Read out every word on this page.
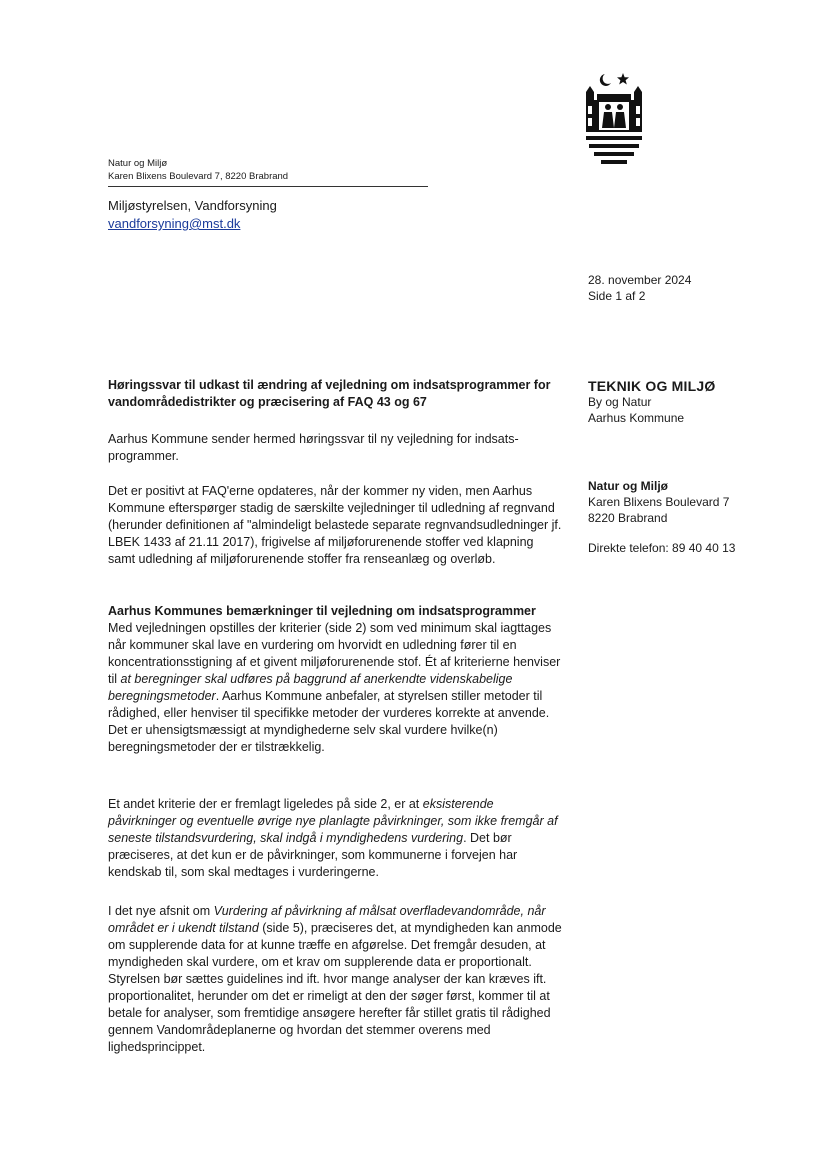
Natur og Miljø
Karen Blixens Boulevard 7, 8220 Brabrand
Miljøstyrelsen, Vandforsyning
vandforsyning@mst.dk
28. november 2024
Side 1 af 2
TEKNIK OG MILJØ
By og Natur
Aarhus Kommune
Natur og Miljø
Karen Blixens Boulevard 7
8220 Brabrand
Direkte telefon: 89 40 40 13
Høringssvar til udkast til ændring af vejledning om indsatsprogrammer for vandområdedistrikter og præcisering af FAQ 43 og 67

Aarhus Kommune sender hermed høringssvar til ny vejledning for indsats-programmer.

Det er positivt at FAQ'erne opdateres, når der kommer ny viden, men Aarhus Kommune efterspørger stadig de særskilte vejledninger til udledning af regnvand (herunder definitionen af "almindeligt belastede separate regnvandsudledninger jf. LBEK 1433 af 21.11 2017), frigivelse af miljøforurenende stoffer ved klapning samt udledning af miljøforurenende stoffer fra renseanlæg og overløb.

Aarhus Kommunes bemærkninger til vejledning om indsatsprogrammer

Med vejledningen opstilles der kriterier (side 2) som ved minimum skal iagttages når kommuner skal lave en vurdering om hvorvidt en udledning fører til en koncentrationsstigning af et givent miljøforurenende stof. Ét af kriterierne henviser til at beregninger skal udføres på baggrund af anerkendte videnskabelige beregningsmetoder. Aarhus Kommune anbefaler, at styrelsen stiller metoder til rådighed, eller henviser til specifikke metoder der vurderes korrekte at anvende. Det er uhensigtsmæssigt at myndighederne selv skal vurdere hvilke(n) beregningsmetoder der er tilstrækkelig.

Et andet kriterie der er fremlagt ligeledes på side 2, er at eksisterende påvirkninger og eventuelle øvrige nye planlagte påvirkninger, som ikke fremgår af seneste tilstandsvurdering, skal indgå i myndighedens vurdering. Det bør præciseres, at det kun er de påvirkninger, som kommunerne i forvejen har kendskab til, som skal medtages i vurderingerne.

I det nye afsnit om Vurdering af påvirkning af målsat overfladevandområde, når området er i ukendt tilstand (side 5), præciseres det, at myndigheden kan anmode om supplerende data for at kunne træffe en afgørelse. Det fremgår desuden, at myndigheden skal vurdere, om et krav om supplerende data er proportionalt. Styrelsen bør sættes guidelines ind ift. hvor mange analyser der kan kræves ift. proportionalitet, herunder om det er rimeligt at den der søger først, kommer til at betale for analyser, som fremtidige ansøgere herefter får stillet gratis til rådighed gennem Vandområdeplanerne og hvordan det stemmer overens med lighedsprincippet.
